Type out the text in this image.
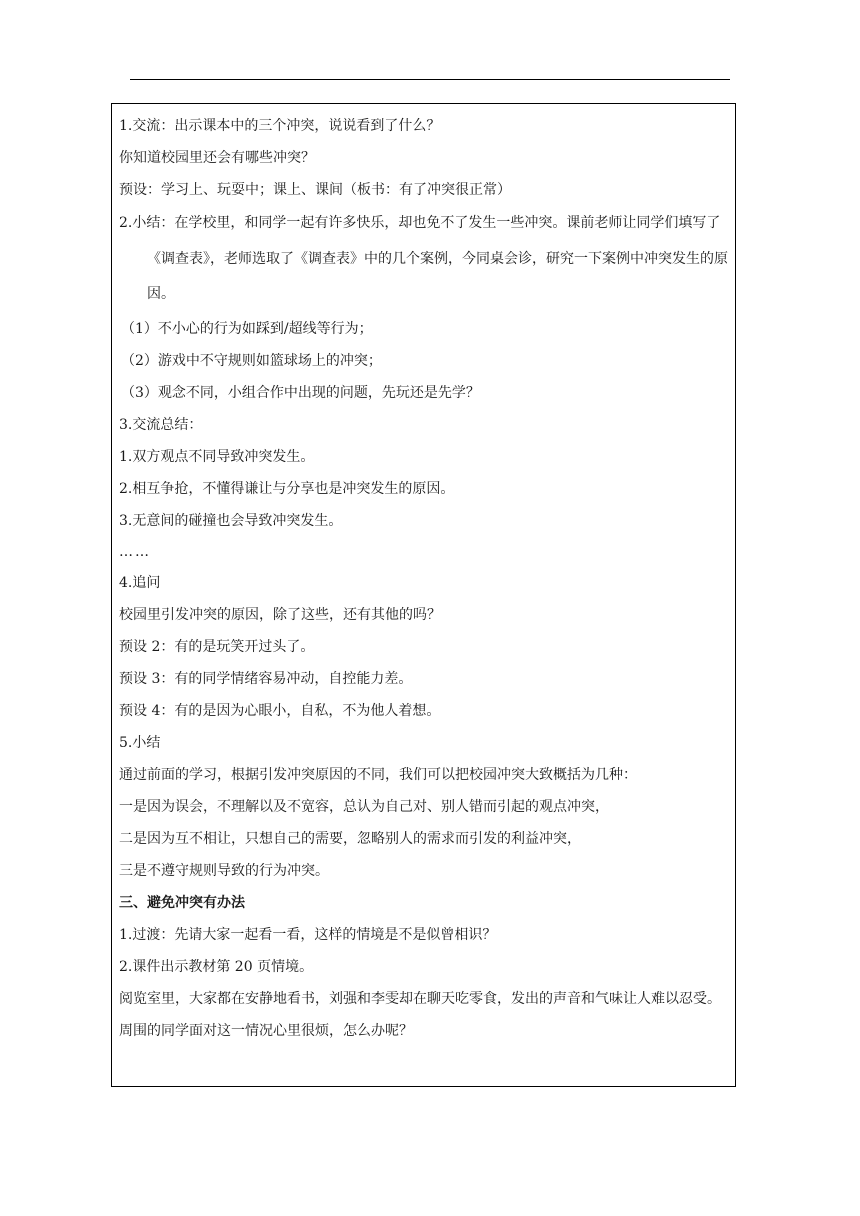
1.交流：出示课本中的三个冲突，说说看到了什么？
你知道校园里还会有哪些冲突？
预设：学习上、玩耍中；课上、课间（板书：有了冲突很正常）
2.小结：在学校里，和同学一起有许多快乐，却也免不了发生一些冲突。课前老师让同学们填写了《调查表》，老师选取了《调查表》中的几个案例，今同桌会诊，研究一下案例中冲突发生的原因。
（1）不小心的行为如踩到/超线等行为；
（2）游戏中不守规则如篮球场上的冲突；
（3）观念不同，小组合作中出现的问题，先玩还是先学？
3.交流总结：
1.双方观点不同导致冲突发生。
2.相互争抢，不懂得谦让与分享也是冲突发生的原因。
3.无意间的碰撞也会导致冲突发生。
……
4.追问
校园里引发冲突的原因，除了这些，还有其他的吗？
预设 2：有的是玩笑开过头了。
预设 3：有的同学情绪容易冲动，自控能力差。
预设 4：有的是因为心眼小，自私，不为他人着想。
5.小结
通过前面的学习，根据引发冲突原因的不同，我们可以把校园冲突大致概括为几种：
一是因为误会，不理解以及不宽容，总认为自己对、别人错而引起的观点冲突，
二是因为互不相让，只想自己的需要，忽略别人的需求而引发的利益冲突，
三是不遵守规则导致的行为冲突。
三、避免冲突有办法
1.过渡：先请大家一起看一看，这样的情境是不是似曾相识？
2.课件出示教材第 20 页情境。
阅览室里，大家都在安静地看书，刘强和李雯却在聊天吃零食，发出的声音和气味让人难以忍受。周围的同学面对这一情况心里很烦，怎么办呢？
